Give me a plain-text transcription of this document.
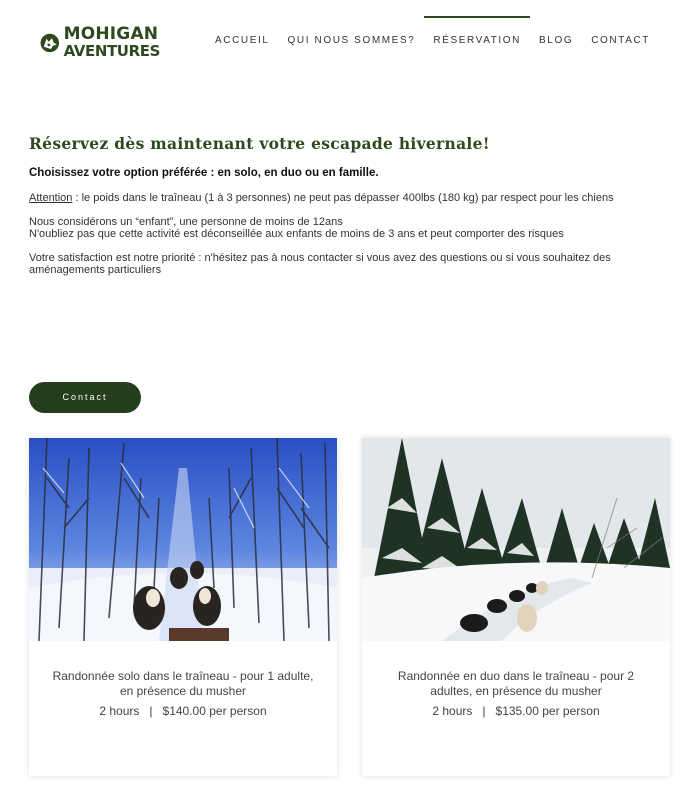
MOHIGAN
AVENTURES
ACCUEIL	QUI NOUS SOMMES?	RÉSERVATION	BLOG	CONTACT
Réservez dès maintenant votre escapade hivernale!

Choisissez votre option préférée : en solo, en duo ou en famille.

Attention : le poids dans le traîneau (1 à 3 personnes) ne peut pas dépasser 400lbs (180 kg) par respect pour les chiens

Nous considérons un “enfant”, une personne de moins de 12ans
N'oubliez pas que cette activité est déconseillée aux enfants de moins de 3 ans et peut comporter des risques

Votre satisfaction est notre priorité : n'hésitez pas à nous contacter si vous avez des questions ou si vous souhaitez des aménagements particuliers

Contact
Randonnée solo dans le traîneau - pour 1 adulte, en présence du musher
2 hours | $140.00 per person
Randonnée en duo dans le traîneau - pour 2 adultes, en présence du musher
2 hours | $135.00 per person
